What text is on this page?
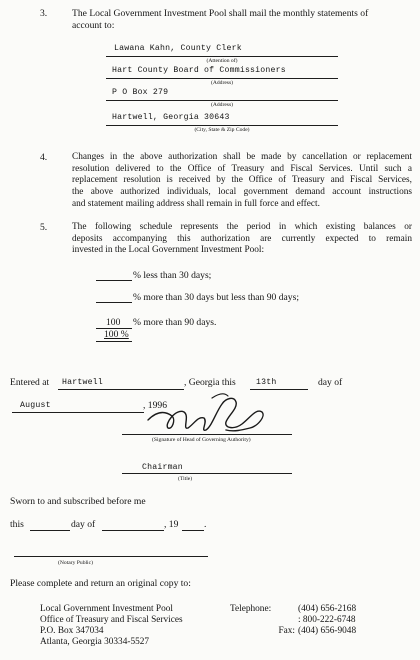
3.	The Local Government Investment Pool shall mail the monthly statements of
account to:
Lawana Kahn, County Clerk
(Attention of)
Hart County Board of Commissioners
(Address)
P O Box 279
(Address)
Hartwell, Georgia 30643
(City, State & Zip Code)
4.	Changes in the above authorization shall be made by cancellation or replacement
resolution delivered to the Office of Treasury and Fiscal Services. Until such a
replacement resolution is received by the Office of Treasury and Fiscal Services,
the above authorized individuals, local government demand account instructions
and statement mailing address shall remain in full force and effect.
5.	The following schedule represents the period in which existing balances or
deposits accompanying this authorization are currently expected to remain
invested in the Local Government Investment Pool:
% less than 30 days;
% more than 30 days but less than 90 days;
100 % more than 90 days.
100 %
Entered at Hartwell	, Georgia this 13th	day of
August	, 1996
(Signature of Head of Governing Authority)
Chairman
(Title)
Sworn to and subscribed before me
this	day of	, 19	.
(Notary Public)
Please complete and return an original copy to:
Local Government Investment Pool
Office of Treasury and Fiscal Services
P.O. Box 347034
Atlanta, Georgia 30334-5527
Telephone:	(404) 656-2168
: 800-222-6748
Fax: (404) 656-9048
